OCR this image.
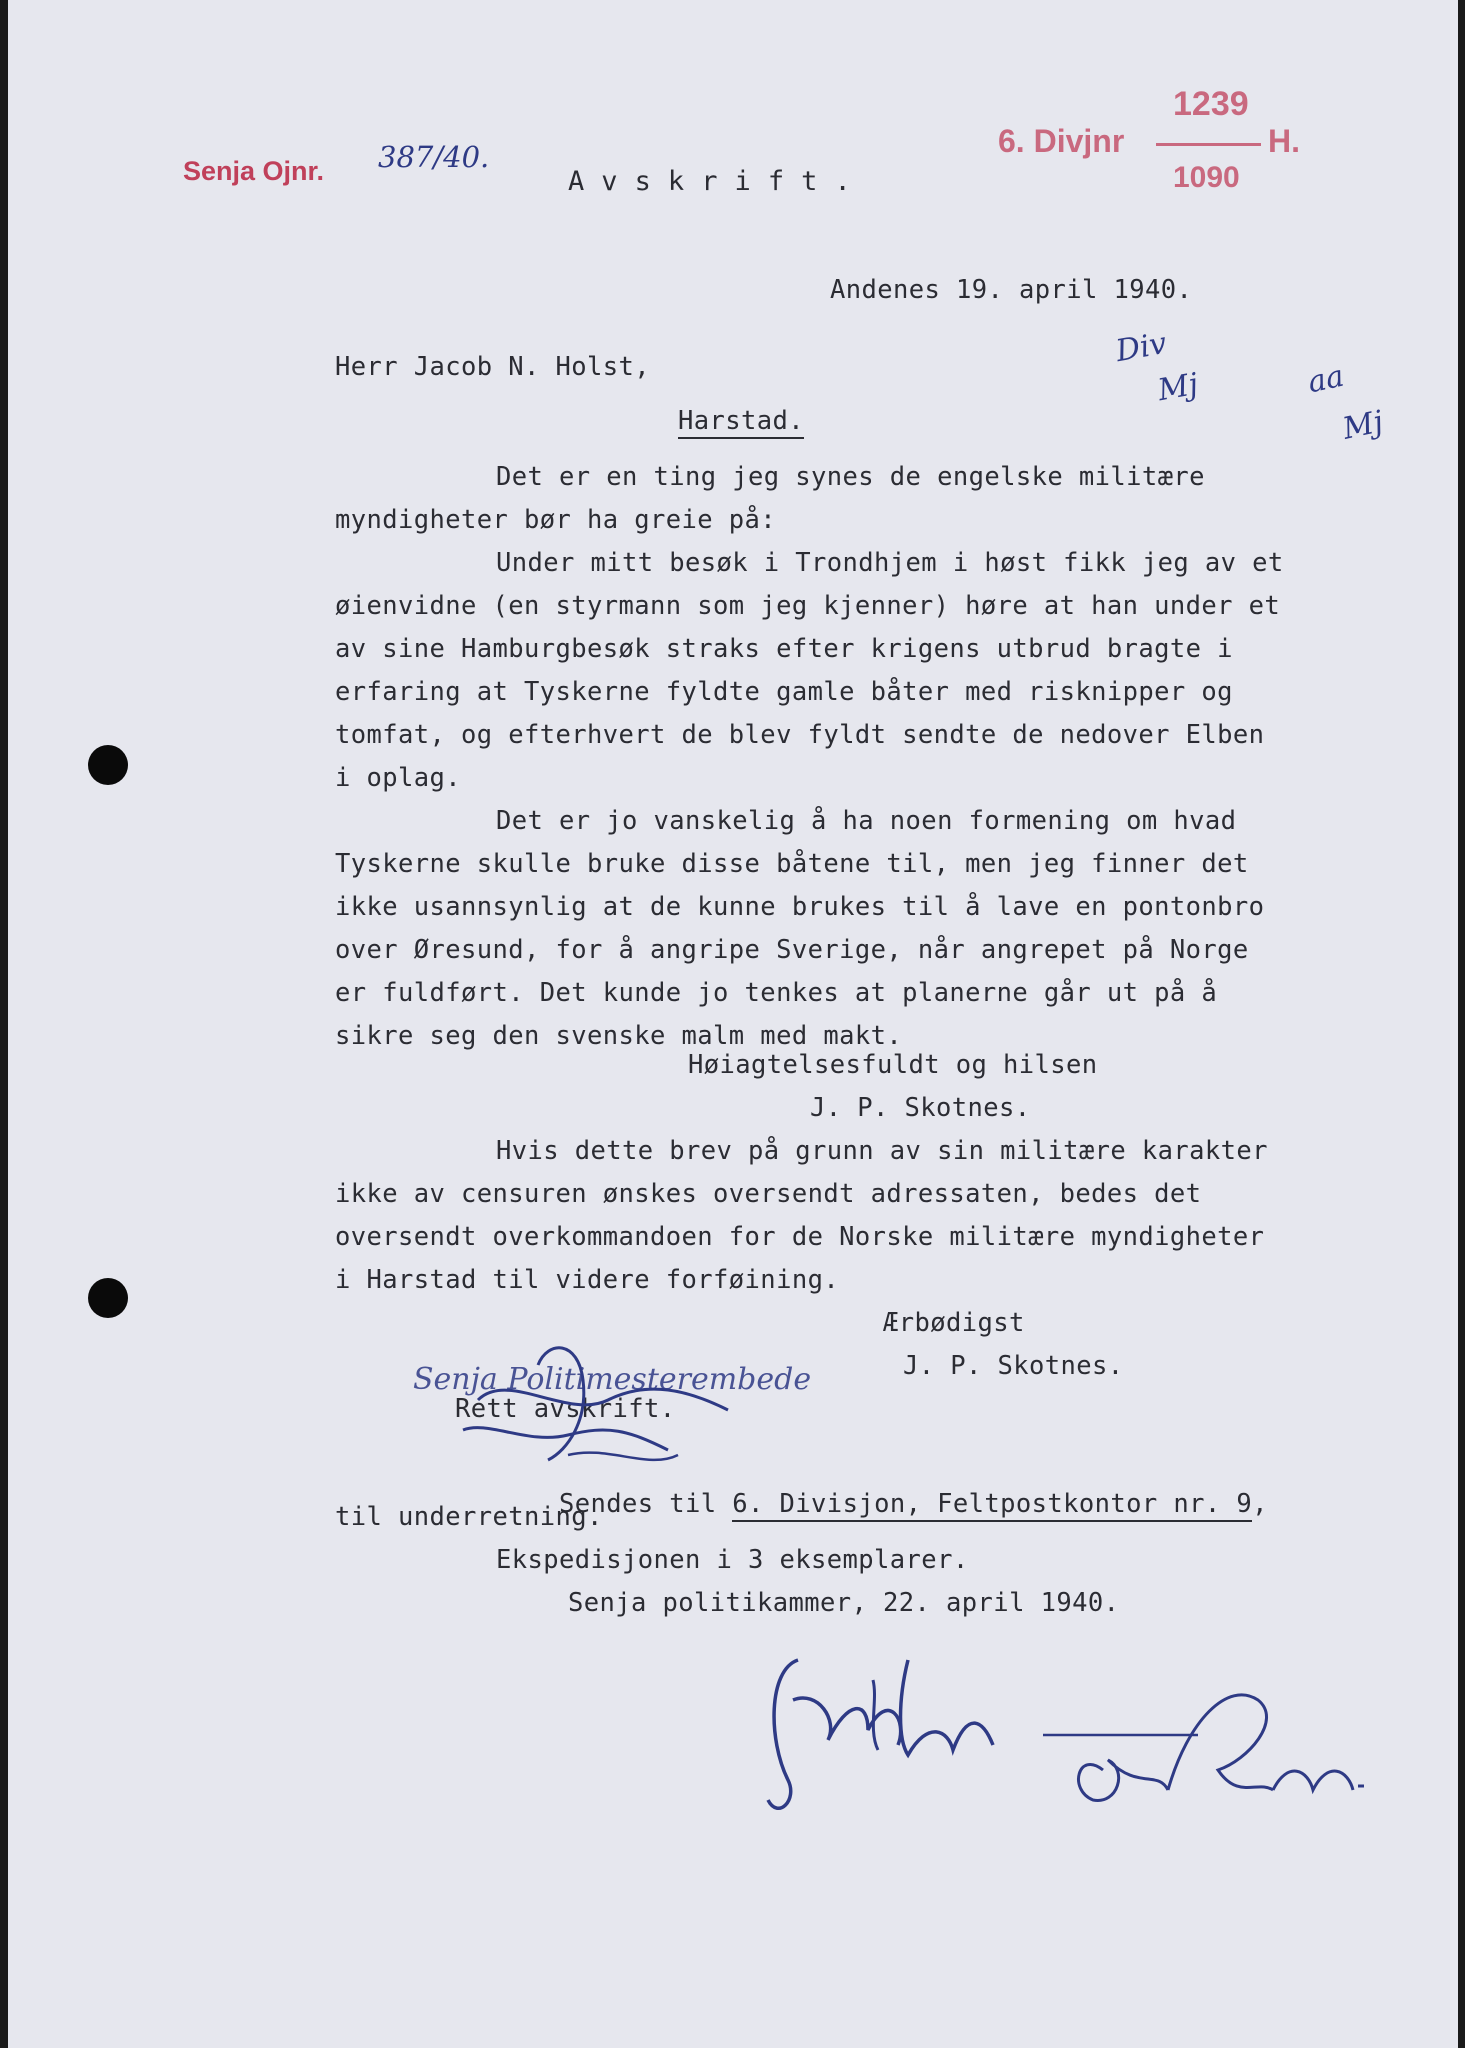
Senja Ojnr. 387/40.
A v s k r i f t .
1239
6. Divjnr	H.
1090
Andenes 19. april 1940.
Herr Jacob N. Holst,
Harstad.
Div
Mj	aa
Mj
Det er en ting jeg synes de engelske militære
myndigheter bør ha greie på:
Under mitt besøk i Trondhjem i høst fikk jeg av et
øienvidne (en styrmann som jeg kjenner) høre at han under et
av sine Hamburgbesøk straks efter krigens utbrud bragte i
erfaring at Tyskerne fyldte gamle båter med risknipper og
tomfat, og efterhvert de blev fyldt sendte de nedover Elben
i oplag.
Det er jo vanskelig å ha noen formening om hvad
Tyskerne skulle bruke disse båtene til, men jeg finner det
ikke usannsynlig at de kunne brukes til å lave en pontonbro
over Øresund, for å angripe Sverige, når angrepet på Norge
er fuldført. Det kunde jo tenkes at planerne går ut på å
sikre seg den svenske malm med makt.
Høiagtelsesfuldt og hilsen
J. P. Skotnes.
Hvis dette brev på grunn av sin militære karakter
ikke av censuren ønskes oversendt adressaten, bedes det
oversendt overkommandoen for de Norske militære myndigheter
i Harstad til videre forføining.
Ærbødigst
J. P. Skotnes.
Rett avskrift.
Senja Politimesterembede

Sendes til 6. Divisjon, Feltpostkontor nr. 9,

til underretning.
Ekspedisjonen i 3 eksemplarer.
Senja politikammer, 22. april 1940.
